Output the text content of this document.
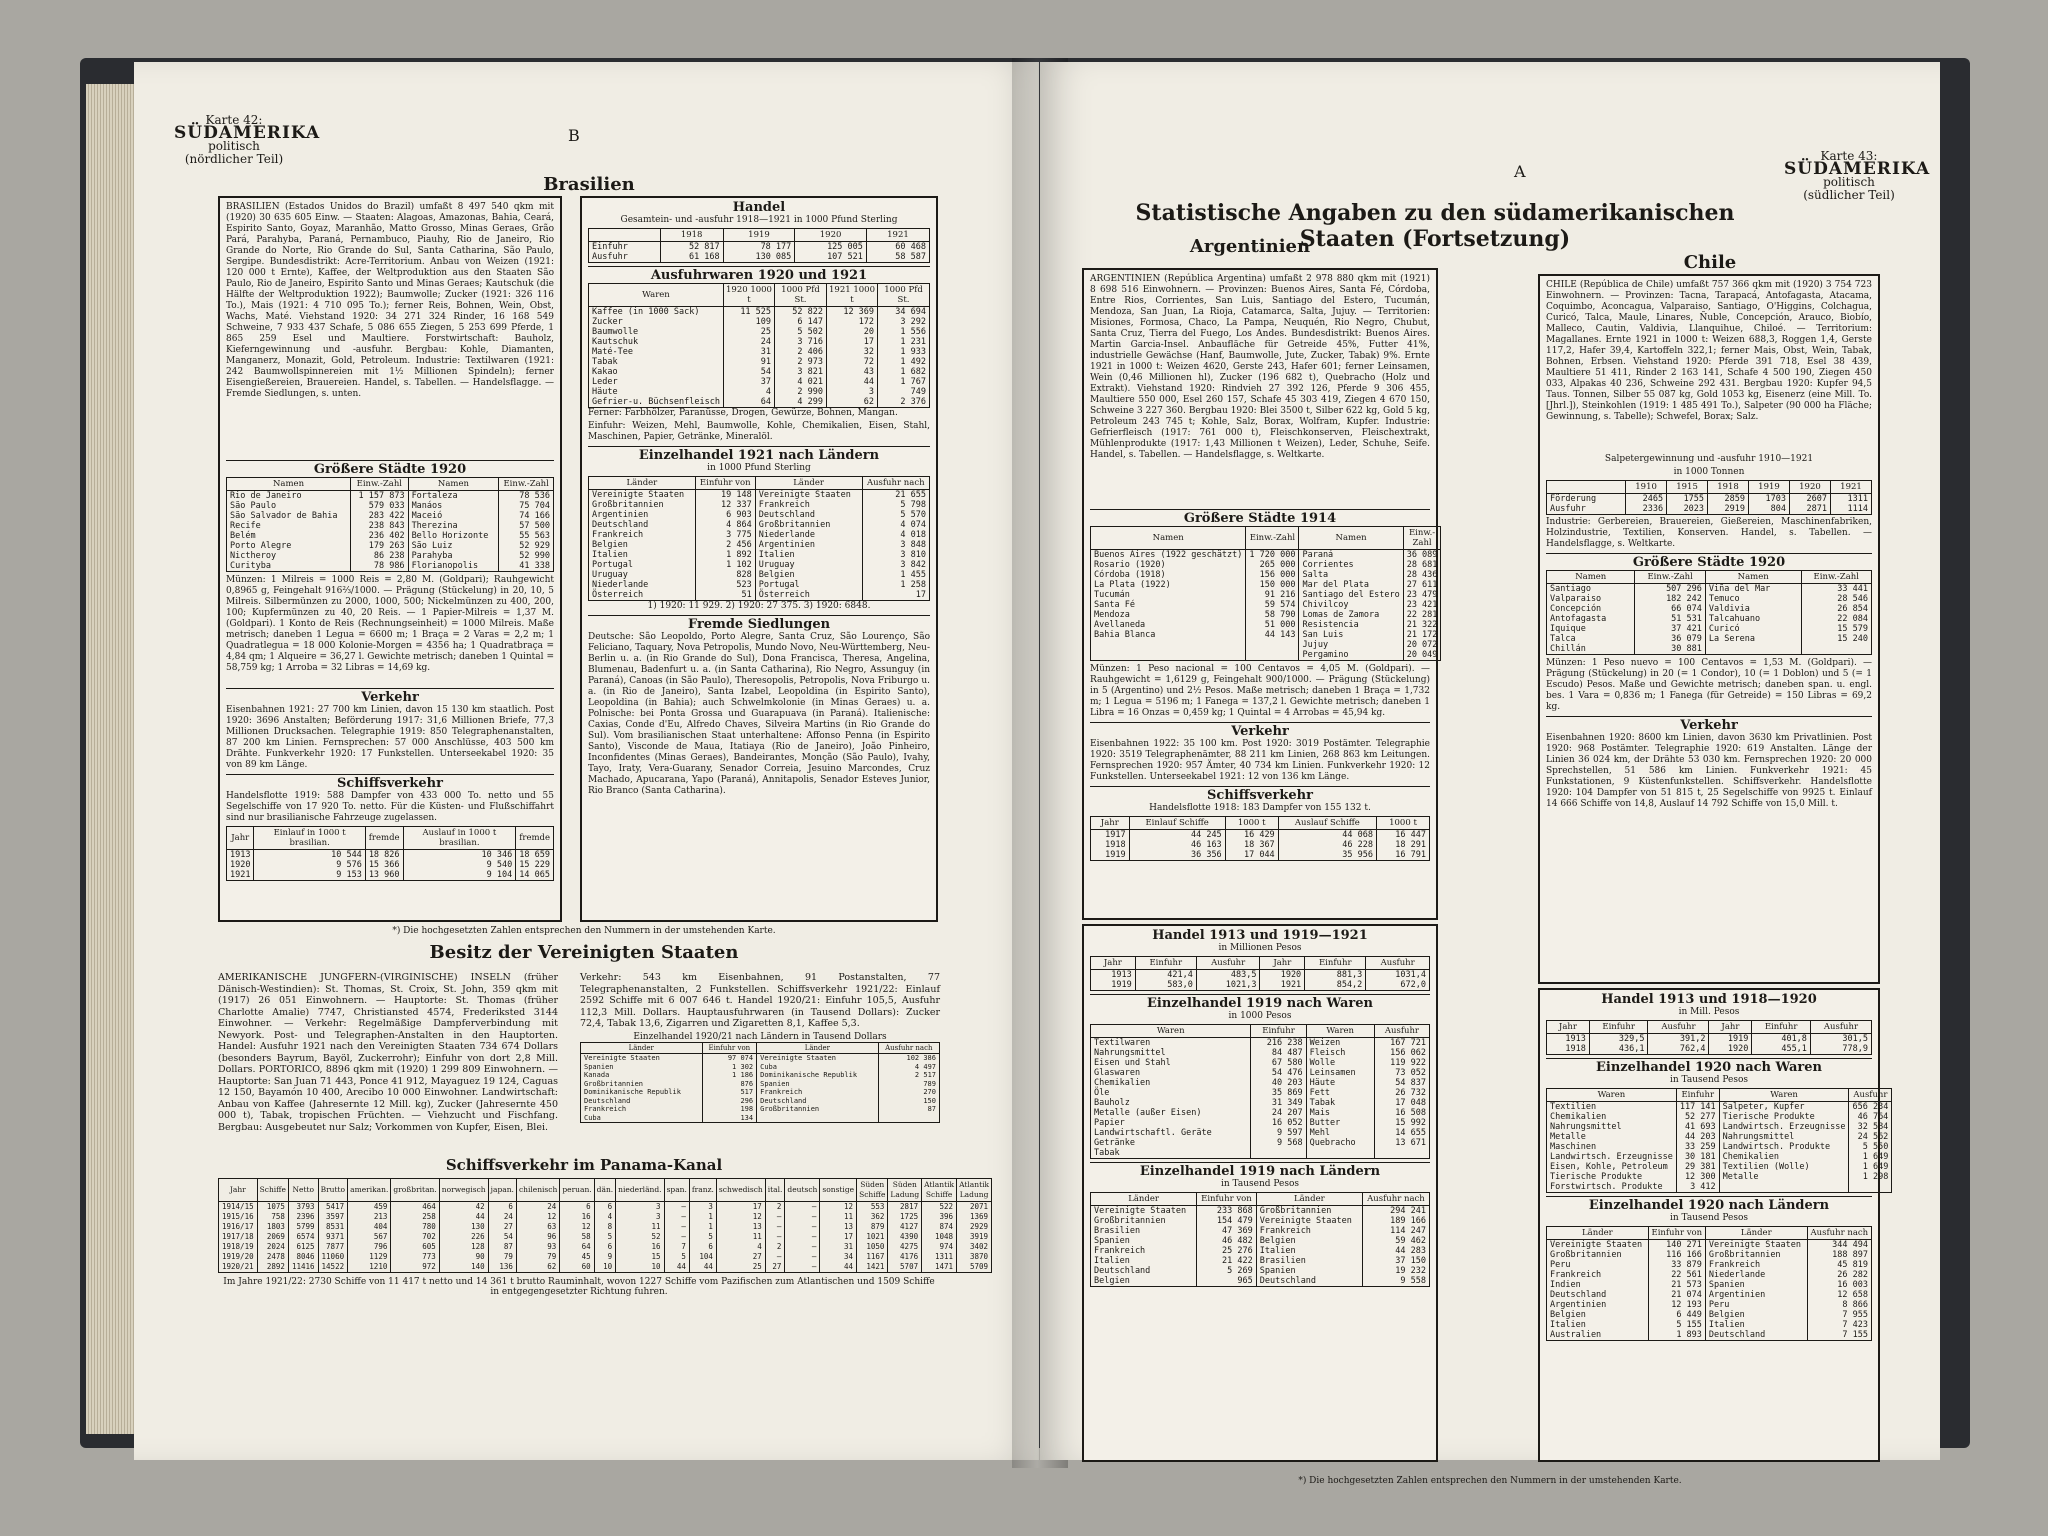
Karte 42:
SÜDAMERIKA
politisch
(nördlicher Teil)
B
Brasilien

BRASILIEN (Estados Unidos do Brazil) umfaßt 8 497 540 qkm mit (1920) 30 635 605 Einw. — Staaten: Alagoas, Amazonas, Bahia, Ceará, Espirito Santo, Goyaz, Maranhão, Matto Grosso, Minas Geraes, Grão Pará, Parahyba, Paraná, Pernambuco, Piauhy, Rio de Janeiro, Rio Grande do Norte, Rio Grande do Sul, Santa Catharina, São Paulo, Sergipe. Bundesdistrikt: Acre-Territorium. Anbau von Weizen (1921: 120 000 t Ernte), Kaffee, der Weltproduktion aus den Staaten São Paulo, Rio de Janeiro, Espirito Santo und Minas Geraes; Kautschuk (die Hälfte der Weltproduktion 1922); Baumwolle; Zucker (1921: 326 116 To.), Mais (1921: 4 710 095 To.); ferner Reis, Bohnen, Wein, Obst, Wachs, Maté. Viehstand 1920: 34 271 324 Rinder, 16 168 549 Schweine, 7 933 437 Schafe, 5 086 655 Ziegen, 5 253 699 Pferde, 1 865 259 Esel und Maultiere. Forstwirtschaft: Bauholz, Kieferngewinnung und -ausfuhr. Bergbau: Kohle, Diamanten, Manganerz, Monazit, Gold, Petroleum. Industrie: Textilwaren (1921: 242 Baumwollspinnereien mit 1½ Millionen Spindeln); ferner Eisengießereien, Brauereien. Handel, s. Tabellen. — Handelsflagge. — Fremde Siedlungen, s. unten.

Größere Städte 1920
Namen	Einw.-Zahl	Namen	Einw.-Zahl
Rio de Janeiro	1 157 873	Fortaleza	78 536
São Paulo	579 033	Manáos	75 704
São Salvador de Bahia	283 422	Maceió	74 166
Recife	238 843	Therezina	57 500
Belém	236 402	Bello Horizonte	55 563
Porto Alegre	179 263	São Luiz	52 929
Nictheroy	86 238	Parahyba	52 990
Curityba	78 986	Florianopolis	41 338

Münzen: 1 Milreis = 1000 Reis = 2,80 M. (Goldpari); Rauhgewicht 0,8965 g, Feingehalt 916⅔/1000. — Prägung (Stückelung) in 20, 10, 5 Milreis. Silbermünzen zu 2000, 1000, 500; Nickelmünzen zu 400, 200, 100; Kupfermünzen zu 40, 20 Reis. — 1 Papier-Milreis = 1,37 M. (Goldpari). 1 Konto de Reis (Rechnungseinheit) = 1000 Milreis. Maße metrisch; daneben 1 Legua = 6600 m; 1 Braça = 2 Varas = 2,2 m; 1 Quadratlegua = 18 000 Kolonie-Morgen = 4356 ha; 1 Quadratbraça = 4,84 qm; 1 Alqueire = 36,27 l. Gewichte metrisch; daneben 1 Quintal = 58,759 kg; 1 Arroba = 32 Libras = 14,69 kg.

Verkehr

Eisenbahnen 1921: 27 700 km Linien, davon 15 130 km staatlich. Post 1920: 3696 Anstalten; Beförderung 1917: 31,6 Millionen Briefe, 77,3 Millionen Drucksachen. Telegraphie 1919: 850 Telegraphenanstalten, 87 200 km Linien. Fernsprechen: 57 000 Anschlüsse, 403 500 km Drähte. Funkverkehr 1920: 17 Funkstellen. Unterseekabel 1920: 35 von 89 km Länge.

Schiffsverkehr

Handelsflotte 1919: 588 Dampfer von 433 000 To. netto und 55 Segelschiffe von 17 920 To. netto. Für die Küsten- und Flußschiffahrt sind nur brasilianische Fahrzeuge zugelassen.

Jahr	Einlauf in 1000 t brasilian.	fremde	Auslauf in 1000 t brasilian.	fremde
1913	10 544	18 826	10 346	18 659
1920	9 576	15 366	9 540	15 229
1921	9 153	13 960	9 104	14 065
Handel
Gesamtein- und -ausfuhr 1918—1921 in 1000 Pfund Sterling
	1918	1919	1920	1921
Einfuhr	52 817	78 177	125 005	60 468
Ausfuhr	61 168	130 085	107 521	58 587
Ausfuhrwaren 1920 und 1921
Waren	1920 1000 t	1000 Pfd St.	1921 1000 t	1000 Pfd St.
Kaffee (in 1000 Sack)	11 525	52 822	12 369	34 694
Zucker	109	6 147	172	3 292
Baumwolle	25	5 502	20	1 556
Kautschuk	24	3 716	17	1 231
Maté-Tee	31	2 406	32	1 933
Tabak	91	2 973	72	1 492
Kakao	54	3 821	43	1 682
Leder	37	4 021	44	1 767
Häute	4	2 990	3	749
Gefrier-u. Büchsenfleisch	64	4 299	62	2 376

Ferner: Farbhölzer, Paranüsse, Drogen, Gewürze, Bohnen, Mangan.

Einfuhr: Weizen, Mehl, Baumwolle, Kohle, Chemikalien, Eisen, Stahl, Maschinen, Papier, Getränke, Mineralöl.

Einzelhandel 1921 nach Ländern
in 1000 Pfund Sterling
Länder	Einfuhr von	Länder	Ausfuhr nach
Vereinigte Staaten	19 148	Vereinigte Staaten	21 655
Großbritannien	12 337	Frankreich	5 798
Argentinien	6 903	Deutschland	5 570
Deutschland	4 864	Großbritannien	4 074
Frankreich	3 775	Niederlande	4 018
Belgien	2 456	Argentinien	3 848
Italien	1 892	Italien	3 810
Portugal	1 102	Uruguay	3 842
Uruguay	828	Belgien	1 455
Niederlande	523	Portugal	1 258
Österreich	51	Österreich	17
1) 1920: 11 929. 2) 1920: 27 375. 3) 1920: 6848.
Fremde Siedlungen

Deutsche: São Leopoldo, Porto Alegre, Santa Cruz, São Lourenço, São Feliciano, Taquary, Nova Petropolis, Mundo Novo, Neu-Württemberg, Neu-Berlin u. a. (in Rio Grande do Sul), Dona Francisca, Theresa, Angelina, Blumenau, Badenfurt u. a. (in Santa Catharina), Rio Negro, Assunguy (in Paraná), Canoas (in São Paulo), Theresopolis, Petropolis, Nova Friburgo u. a. (in Rio de Janeiro), Santa Izabel, Leopoldina (in Espirito Santo), Leopoldina (in Bahia); auch Schwelmkolonie (in Minas Geraes) u. a. Polnische: bei Ponta Grossa und Guarapuava (in Paraná). Italienische: Caxias, Conde d'Eu, Alfredo Chaves, Silveira Martins (in Rio Grande do Sul). Vom brasilianischen Staat unterhaltene: Affonso Penna (in Espirito Santo), Visconde de Maua, Itatiaya (Rio de Janeiro), João Pinheiro, Inconfidentes (Minas Geraes), Bandeirantes, Monção (São Paulo), Ivahy, Tayo, Iraty, Vera-Guarany, Senador Correia, Jesuino Marcondes, Cruz Machado, Apucarana, Yapo (Paraná), Annitapolis, Senador Esteves Junior, Rio Branco (Santa Catharina).

*) Die hochgesetzten Zahlen entsprechen den Nummern in der umstehenden Karte.
Besitz der Vereinigten Staaten
AMERIKANISCHE JUNGFERN-(VIRGINISCHE) INSELN (früher Dänisch-Westindien): St. Thomas, St. Croix, St. John, 359 qkm mit (1917) 26 051 Einwohnern. — Hauptorte: St. Thomas (früher Charlotte Amalie) 7747, Christiansted 4574, Frederiksted 3144 Einwohner. — Verkehr: Regelmäßige Dampferverbindung mit Newyork. Post- und Telegraphen-Anstalten in den Hauptorten. Handel: Ausfuhr 1921 nach den Vereinigten Staaten 734 674 Dollars (besonders Bayrum, Bayöl, Zuckerrohr); Einfuhr von dort 2,8 Mill. Dollars. PORTORICO, 8896 qkm mit (1920) 1 299 809 Einwohnern. — Hauptorte: San Juan 71 443, Ponce 41 912, Mayaguez 19 124, Caguas 12 150, Bayamón 10 400, Arecibo 10 000 Einwohner. Landwirtschaft: Anbau von Kaffee (Jahresernte 12 Mill. kg), Zucker (Jahresernte 450 000 t), Tabak, tropischen Früchten. — Viehzucht und Fischfang. Bergbau: Ausgebeutet nur Salz; Vorkommen von Kupfer, Eisen, Blei.
Verkehr: 543 km Eisenbahnen, 91 Postanstalten, 77 Telegraphenanstalten, 2 Funkstellen. Schiffsverkehr 1921/22: Einlauf 2592 Schiffe mit 6 007 646 t. Handel 1920/21: Einfuhr 105,5, Ausfuhr 112,3 Mill. Dollars. Hauptausfuhrwaren (in Tausend Dollars): Zucker 72,4, Tabak 13,6, Zigarren und Zigaretten 8,1, Kaffee 5,3.
Einzelhandel 1920/21 nach Ländern in Tausend Dollars
Länder	Einfuhr von	Länder	Ausfuhr nach
Vereinigte Staaten	97 074	Vereinigte Staaten	102 386
Spanien	1 302	Cuba	4 497
Kanada	1 186	Dominikanische Republik	2 517
Großbritannien	876	Spanien	789
Dominikanische Republik	517	Frankreich	270
Deutschland	296	Deutschland	150
Frankreich	198	Großbritannien	87
Cuba	134		
Schiffsverkehr im Panama-Kanal
Jahr	Schiffe	Netto	Brutto	amerikan.	großbritan.	norwegisch	japan.	chilenisch	peruan.	dän.	niederländ.	span.	franz.	schwedisch	ital.	deutsch	sonstige	Süden Schiffe	Süden Ladung	Atlantik Schiffe	Atlantik Ladung
1914/15	1075	3793	5417	459	464	42	6	24	6	6	3	—	3	17	2	—	12	553	2817	522	2071
1915/16	758	2396	3597	213	258	44	24	12	16	4	3	—	1	12	—	—	11	362	1725	396	1369
1916/17	1803	5799	8531	404	780	130	27	63	12	8	11	—	1	13	—	—	13	879	4127	874	2929
1917/18	2069	6574	9371	567	702	226	54	96	58	5	52	—	5	11	—	—	17	1021	4390	1048	3919
1918/19	2024	6125	7877	796	605	128	87	93	64	6	16	7	6	4	2	—	31	1050	4275	974	3402
1919/20	2478	8046	11060	1129	773	90	79	79	45	9	15	5	104	27	—	—	34	1167	4176	1311	3870
1920/21	2892	11416	14522	1210	972	140	136	62	60	10	10	44	44	25	27	—	44	1421	5707	1471	5709
Im Jahre 1921/22: 2730 Schiffe von 11 417 t netto und 14 361 t brutto Rauminhalt, wovon 1227 Schiffe vom Pazifischen zum Atlantischen und 1509 Schiffe in entgegengesetzter Richtung fuhren.
A
Karte 43:
SÜDAMERIKA
politisch
(südlicher Teil)
Statistische Angaben zu den südamerikanischen Staaten (Fortsetzung)
Argentinien
Chile

ARGENTINIEN (República Argentina) umfaßt 2 978 880 qkm mit (1921) 8 698 516 Einwohnern. — Provinzen: Buenos Aires, Santa Fé, Córdoba, Entre Rios, Corrientes, San Luis, Santiago del Estero, Tucumán, Mendoza, San Juan, La Rioja, Catamarca, Salta, Jujuy. — Territorien: Misiones, Formosa, Chaco, La Pampa, Neuquén, Rio Negro, Chubut, Santa Cruz, Tierra del Fuego, Los Andes. Bundesdistrikt: Buenos Aires. Martin Garcia-Insel. Anbaufläche für Getreide 45%, Futter 41%, industrielle Gewächse (Hanf, Baumwolle, Jute, Zucker, Tabak) 9%. Ernte 1921 in 1000 t: Weizen 4620, Gerste 243, Hafer 601; ferner Leinsamen, Wein (0,46 Millionen hl), Zucker (196 682 t), Quebracho (Holz und Extrakt). Viehstand 1920: Rindvieh 27 392 126, Pferde 9 306 455, Maultiere 550 000, Esel 260 157, Schafe 45 303 419, Ziegen 4 670 150, Schweine 3 227 360. Bergbau 1920: Blei 3500 t, Silber 622 kg, Gold 5 kg, Petroleum 243 745 t; Kohle, Salz, Borax, Wolfram, Kupfer. Industrie: Gefrierfleisch (1917: 761 000 t), Fleischkonserven, Fleischextrakt, Mühlenprodukte (1917: 1,43 Millionen t Weizen), Leder, Schuhe, Seife. Handel, s. Tabellen. — Handelsflagge, s. Weltkarte.

Größere Städte 1914
Namen	Einw.-Zahl	Namen	Einw.-Zahl
Buenos Aires (1922 geschätzt)	1 720 000	Paraná	36 089
Rosario (1920)	265 000	Corrientes	28 681
Córdoba (1918)	156 000	Salta	28 436
La Plata (1922)	150 000	Mar del Plata	27 611
Tucumán	91 216	Santiago del Estero	23 479
Santa Fé	59 574	Chivilcoy	23 421
Mendoza	58 790	Lomas de Zamora	22 281
Avellaneda	51 000	Resistencia	21 322
Bahia Blanca	44 143	San Luis	21 172
		Jujuy	20 072
		Pergamino	20 049

Münzen: 1 Peso nacional = 100 Centavos = 4,05 M. (Goldpari). — Rauhgewicht = 1,6129 g, Feingehalt 900/1000. — Prägung (Stückelung) in 5 (Argentino) und 2½ Pesos. Maße metrisch; daneben 1 Braça = 1,732 m; 1 Legua = 5196 m; 1 Fanega = 137,2 l. Gewichte metrisch; daneben 1 Libra = 16 Onzas = 0,459 kg; 1 Quintal = 4 Arrobas = 45,94 kg.

Verkehr

Eisenbahnen 1922: 35 100 km. Post 1920: 3019 Postämter. Telegraphie 1920: 3519 Telegraphenämter, 88 211 km Linien, 268 863 km Leitungen. Fernsprechen 1920: 957 Ämter, 40 734 km Linien. Funkverkehr 1920: 12 Funkstellen. Unterseekabel 1921: 12 von 136 km Länge.

Schiffsverkehr
Handelsflotte 1918: 183 Dampfer von 155 132 t.
Jahr	Einlauf Schiffe	1000 t	Auslauf Schiffe	1000 t
1917	44 245	16 429	44 068	16 447
1918	46 163	18 367	46 228	18 291
1919	36 356	17 044	35 956	16 791
Handel 1913 und 1919—1921
in Millionen Pesos
Jahr	Einfuhr	Ausfuhr	Jahr	Einfuhr	Ausfuhr
1913	421,4	483,5	1920	881,3	1031,4
1919	583,0	1021,3	1921	854,2	672,0
Einzelhandel 1919 nach Waren
in 1000 Pesos
Waren	Einfuhr	Waren	Ausfuhr
Textilwaren	216 238	Weizen	167 721
Nahrungsmittel	84 487	Fleisch	156 062
Eisen und Stahl	67 580	Wolle	119 922
Glaswaren	54 476	Leinsamen	73 052
Chemikalien	40 203	Häute	54 837
Öle	35 869	Fett	26 732
Bauholz	31 349	Tabak	17 048
Metalle (außer Eisen)	24 207	Mais	16 508
Papier	16 052	Butter	15 992
Landwirtschaftl. Geräte	9 597	Mehl	14 655
Getränke	9 568	Quebracho	13 671
Tabak			
Einzelhandel 1919 nach Ländern
in Tausend Pesos
Länder	Einfuhr von	Länder	Ausfuhr nach
Vereinigte Staaten	233 868	Großbritannien	294 241
Großbritannien	154 479	Vereinigte Staaten	189 166
Brasilien	47 369	Frankreich	114 247
Spanien	46 482	Belgien	59 462
Frankreich	25 276	Italien	44 283
Italien	21 422	Brasilien	37 150
Deutschland	5 269	Spanien	19 232
Belgien	965	Deutschland	9 558

CHILE (República de Chile) umfaßt 757 366 qkm mit (1920) 3 754 723 Einwohnern. — Provinzen: Tacna, Tarapacá, Antofagasta, Atacama, Coquimbo, Aconcagua, Valparaiso, Santiago, O'Higgins, Colchagua, Curicó, Talca, Maule, Linares, Ñuble, Concepción, Arauco, Biobío, Malleco, Cautin, Valdivia, Llanquihue, Chiloé. — Territorium: Magallanes. Ernte 1921 in 1000 t: Weizen 688,3, Roggen 1,4, Gerste 117,2, Hafer 39,4, Kartoffeln 322,1; ferner Mais, Obst, Wein, Tabak, Bohnen, Erbsen. Viehstand 1920: Pferde 391 718, Esel 38 439, Maultiere 51 411, Rinder 2 163 141, Schafe 4 500 190, Ziegen 450 033, Alpakas 40 236, Schweine 292 431. Bergbau 1920: Kupfer 94,5 Taus. Tonnen, Silber 55 087 kg, Gold 1053 kg, Eisenerz (eine Mill. To. [Jhrl.]), Steinkohlen (1919: 1 485 491 To.), Salpeter (90 000 ha Fläche; Gewinnung, s. Tabelle); Schwefel, Borax; Salz.

Salpetergewinnung und -ausfuhr 1910—1921
in 1000 Tonnen
	1910	1915	1918	1919	1920	1921
Förderung	2465	1755	2859	1703	2607	1311
Ausfuhr	2336	2023	2919	804	2871	1114

Industrie: Gerbereien, Brauereien, Gießereien, Maschinenfabriken, Holzindustrie, Textilien, Konserven. Handel, s. Tabellen. — Handelsflagge, s. Weltkarte.

Größere Städte 1920
Namen	Einw.-Zahl	Namen	Einw.-Zahl
Santiago	507 296	Viña del Mar	33 441
Valparaiso	182 242	Temuco	28 546
Concepción	66 074	Valdivia	26 854
Antofagasta	51 531	Talcahuano	22 084
Iquique	37 421	Curicó	15 579
Talca	36 079	La Serena	15 240
Chillán	30 881		

Münzen: 1 Peso nuevo = 100 Centavos = 1,53 M. (Goldpari). — Prägung (Stückelung) in 20 (= 1 Condor), 10 (= 1 Doblon) und 5 (= 1 Escudo) Pesos. Maße und Gewichte metrisch; daneben span. u. engl. bes. 1 Vara = 0,836 m; 1 Fanega (für Getreide) = 150 Libras = 69,2 kg.

Verkehr

Eisenbahnen 1920: 8600 km Linien, davon 3630 km Privatlinien. Post 1920: 968 Postämter. Telegraphie 1920: 619 Anstalten. Länge der Linien 36 024 km, der Drähte 53 030 km. Fernsprechen 1920: 20 000 Sprechstellen, 51 586 km Linien. Funkverkehr 1921: 45 Funkstationen, 9 Küstenfunkstellen. Schiffsverkehr. Handelsflotte 1920: 104 Dampfer von 51 815 t, 25 Segelschiffe von 9925 t. Einlauf 14 666 Schiffe von 14,8, Auslauf 14 792 Schiffe von 15,0 Mill. t.

Handel 1913 und 1918—1920
in Mill. Pesos
Jahr	Einfuhr	Ausfuhr	Jahr	Einfuhr	Ausfuhr
1913	329,5	391,2	1919	401,8	301,5
1918	436,1	762,4	1920	455,1	778,9
Einzelhandel 1920 nach Waren
in Tausend Pesos
Waren	Einfuhr	Waren	Ausfuhr
Textilien	117 141	Salpeter, Kupfer	656 234
Chemikalien	52 277	Tierische Produkte	46 764
Nahrungsmittel	41 693	Landwirtsch. Erzeugnisse	32 584
Metalle	44 203	Nahrungsmittel	24 562
Maschinen	33 259	Landwirtsch. Produkte	5 550
Landwirtsch. Erzeugnisse	30 181	Chemikalien	1 649
Eisen, Kohle, Petroleum	29 381	Textilien (Wolle)	1 649
Tierische Produkte	12 300	Metalle	1 298
Forstwirtsch. Produkte	3 412		
Einzelhandel 1920 nach Ländern
in Tausend Pesos
Länder	Einfuhr von	Länder	Ausfuhr nach
Vereinigte Staaten	140 271	Vereinigte Staaten	344 494
Großbritannien	116 166	Großbritannien	188 897
Peru	33 879	Frankreich	45 819
Frankreich	22 561	Niederlande	26 282
Indien	21 573	Spanien	16 003
Deutschland	21 074	Argentinien	12 658
Argentinien	12 193	Peru	8 866
Belgien	6 449	Belgien	7 955
Italien	5 155	Italien	7 423
Australien	1 893	Deutschland	7 155
*) Die hochgesetzten Zahlen entsprechen den Nummern in der umstehenden Karte.
